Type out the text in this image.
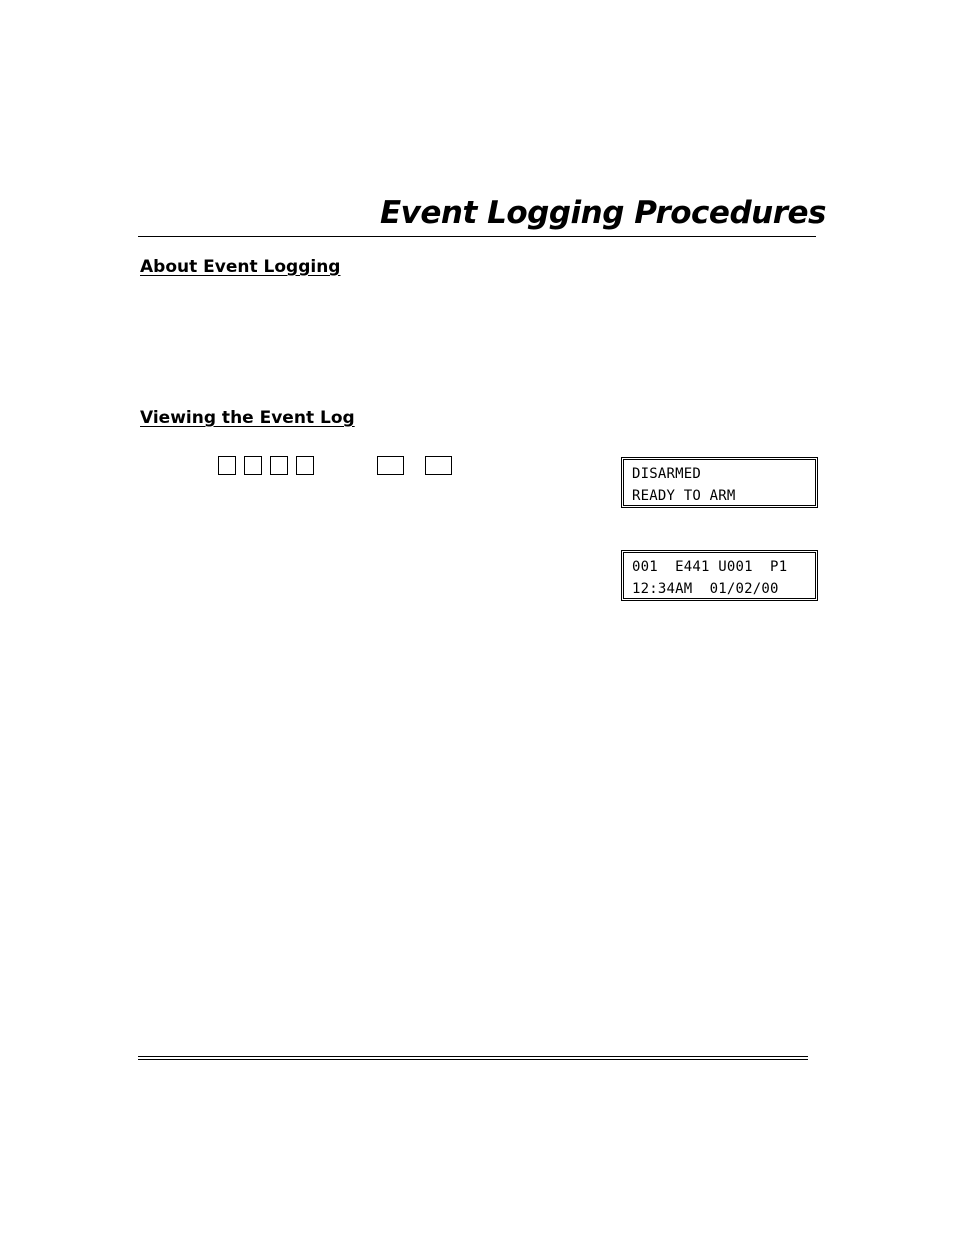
Event Logging Procedures
About Event Logging
Viewing the Event Log
DISARMED
READY TO ARM
001  E441 U001  P1
12:34AM  01/02/00
